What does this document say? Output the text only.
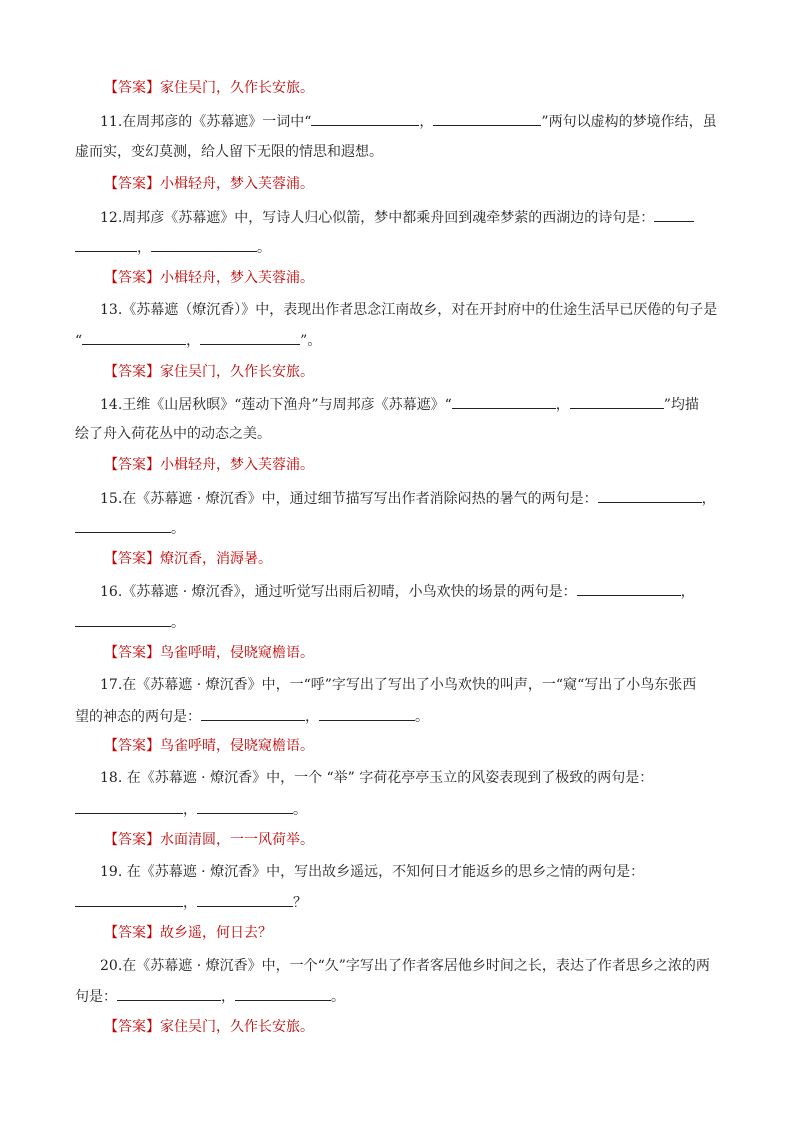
【答案】家住吴门，久作长安旅。
11.在周邦彦的《苏幕遮》一词中“	，	”两句以虚构的梦境作结，虽
虚而实，变幻莫测，给人留下无限的情思和遐想。
【答案】小楫轻舟，梦入芙蓉浦。
12.周邦彦《苏幕遮》中，写诗人归心似箭，梦中都乘舟回到魂牵梦萦的西湖边的诗句是：
，	。
【答案】小楫轻舟，梦入芙蓉浦。
13.《苏幕遮（燎沉香）》中，表现出作者思念江南故乡，对在开封府中的仕途生活早已厌倦的句子是
“	，	”。
【答案】家住吴门，久作长安旅。
14.王维《山居秋暝》“莲动下渔舟”与周邦彦《苏幕遮》“	，	”均描
绘了舟入荷花丛中的动态之美。
【答案】小楫轻舟，梦入芙蓉浦。
15.在《苏幕遮 · 燎沉香》中，通过细节描写写出作者消除闷热的暑气的两句是：	，
。
【答案】燎沉香，消溽暑。
16.《苏幕遮 · 燎沉香》，通过听觉写出雨后初晴，小鸟欢快的场景的两句是：	，
。
【答案】鸟雀呼晴，侵晓窥檐语。
17.在《苏幕遮 · 燎沉香》中，一“呼”字写出了写出了小鸟欢快的叫声，一“窥“写出了小鸟东张西
望的神态的两句是：	，	。
【答案】鸟雀呼晴，侵晓窥檐语。
18. 在《苏幕遮 · 燎沉香》中，一个 “举” 字荷花亭亭玉立的风姿表现到了极致的两句是：
，	。
【答案】水面清圆，一一风荷举。
19. 在《苏幕遮 · 燎沉香》中，写出故乡遥远，不知何日才能返乡的思乡之情的两句是：
，	？
【答案】故乡遥，何日去？
20.在《苏幕遮 · 燎沉香》中，一个“久”字写出了作者客居他乡时间之长，表达了作者思乡之浓的两
句是：	，	。
【答案】家住吴门，久作长安旅。
